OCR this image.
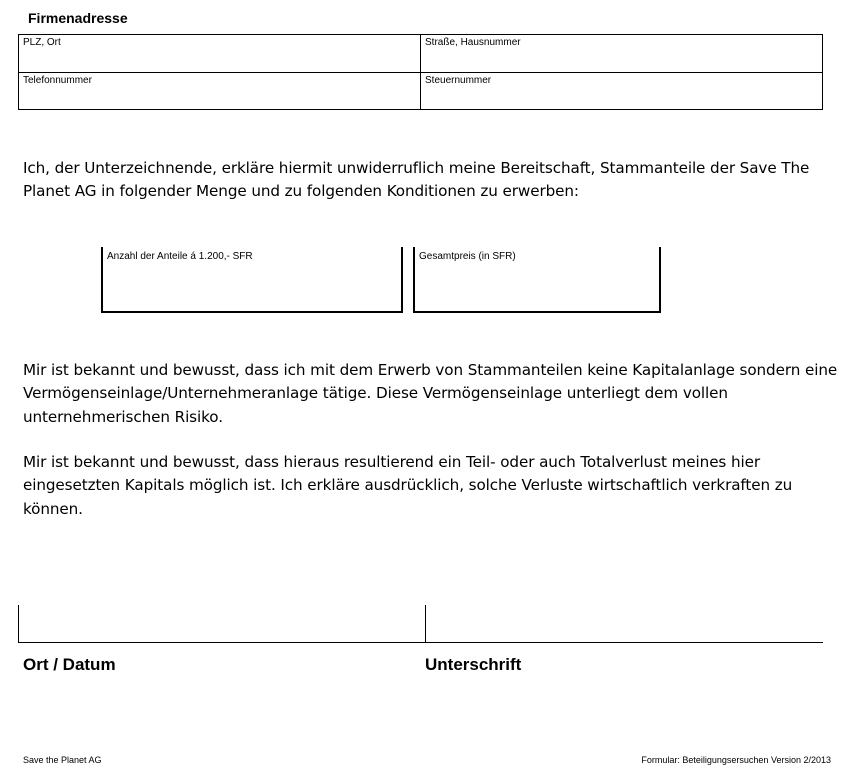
Firmenadresse
PLZ, Ort	Straße, Hausnummer
Telefonnummer	Steuernummer

Ich, der Unterzeichnende, erkläre hiermit unwiderruflich meine Bereitschaft, Stammanteile der Save The Planet AG in folgender Menge und zu folgenden Konditionen zu erwerben:

Anzahl der Anteile á 1.200,- SFR	Gesamtpreis (in SFR)

Mir ist bekannt und bewusst, dass ich mit dem Erwerb von Stammanteilen keine Kapitalanlage sondern eine Vermögenseinlage/Unternehmeranlage tätige. Diese Vermögenseinlage unterliegt dem vollen unternehmerischen Risiko.

Mir ist bekannt und bewusst, dass hieraus resultierend ein Teil- oder auch Totalverlust meines hier eingesetzten Kapitals möglich ist. Ich erkläre ausdrücklich, solche Verluste wirtschaftlich verkraften zu können.

Ort / Datum	Unterschrift
Save the Planet AG	Formular: Beteiligungsersuchen Version 2/2013
